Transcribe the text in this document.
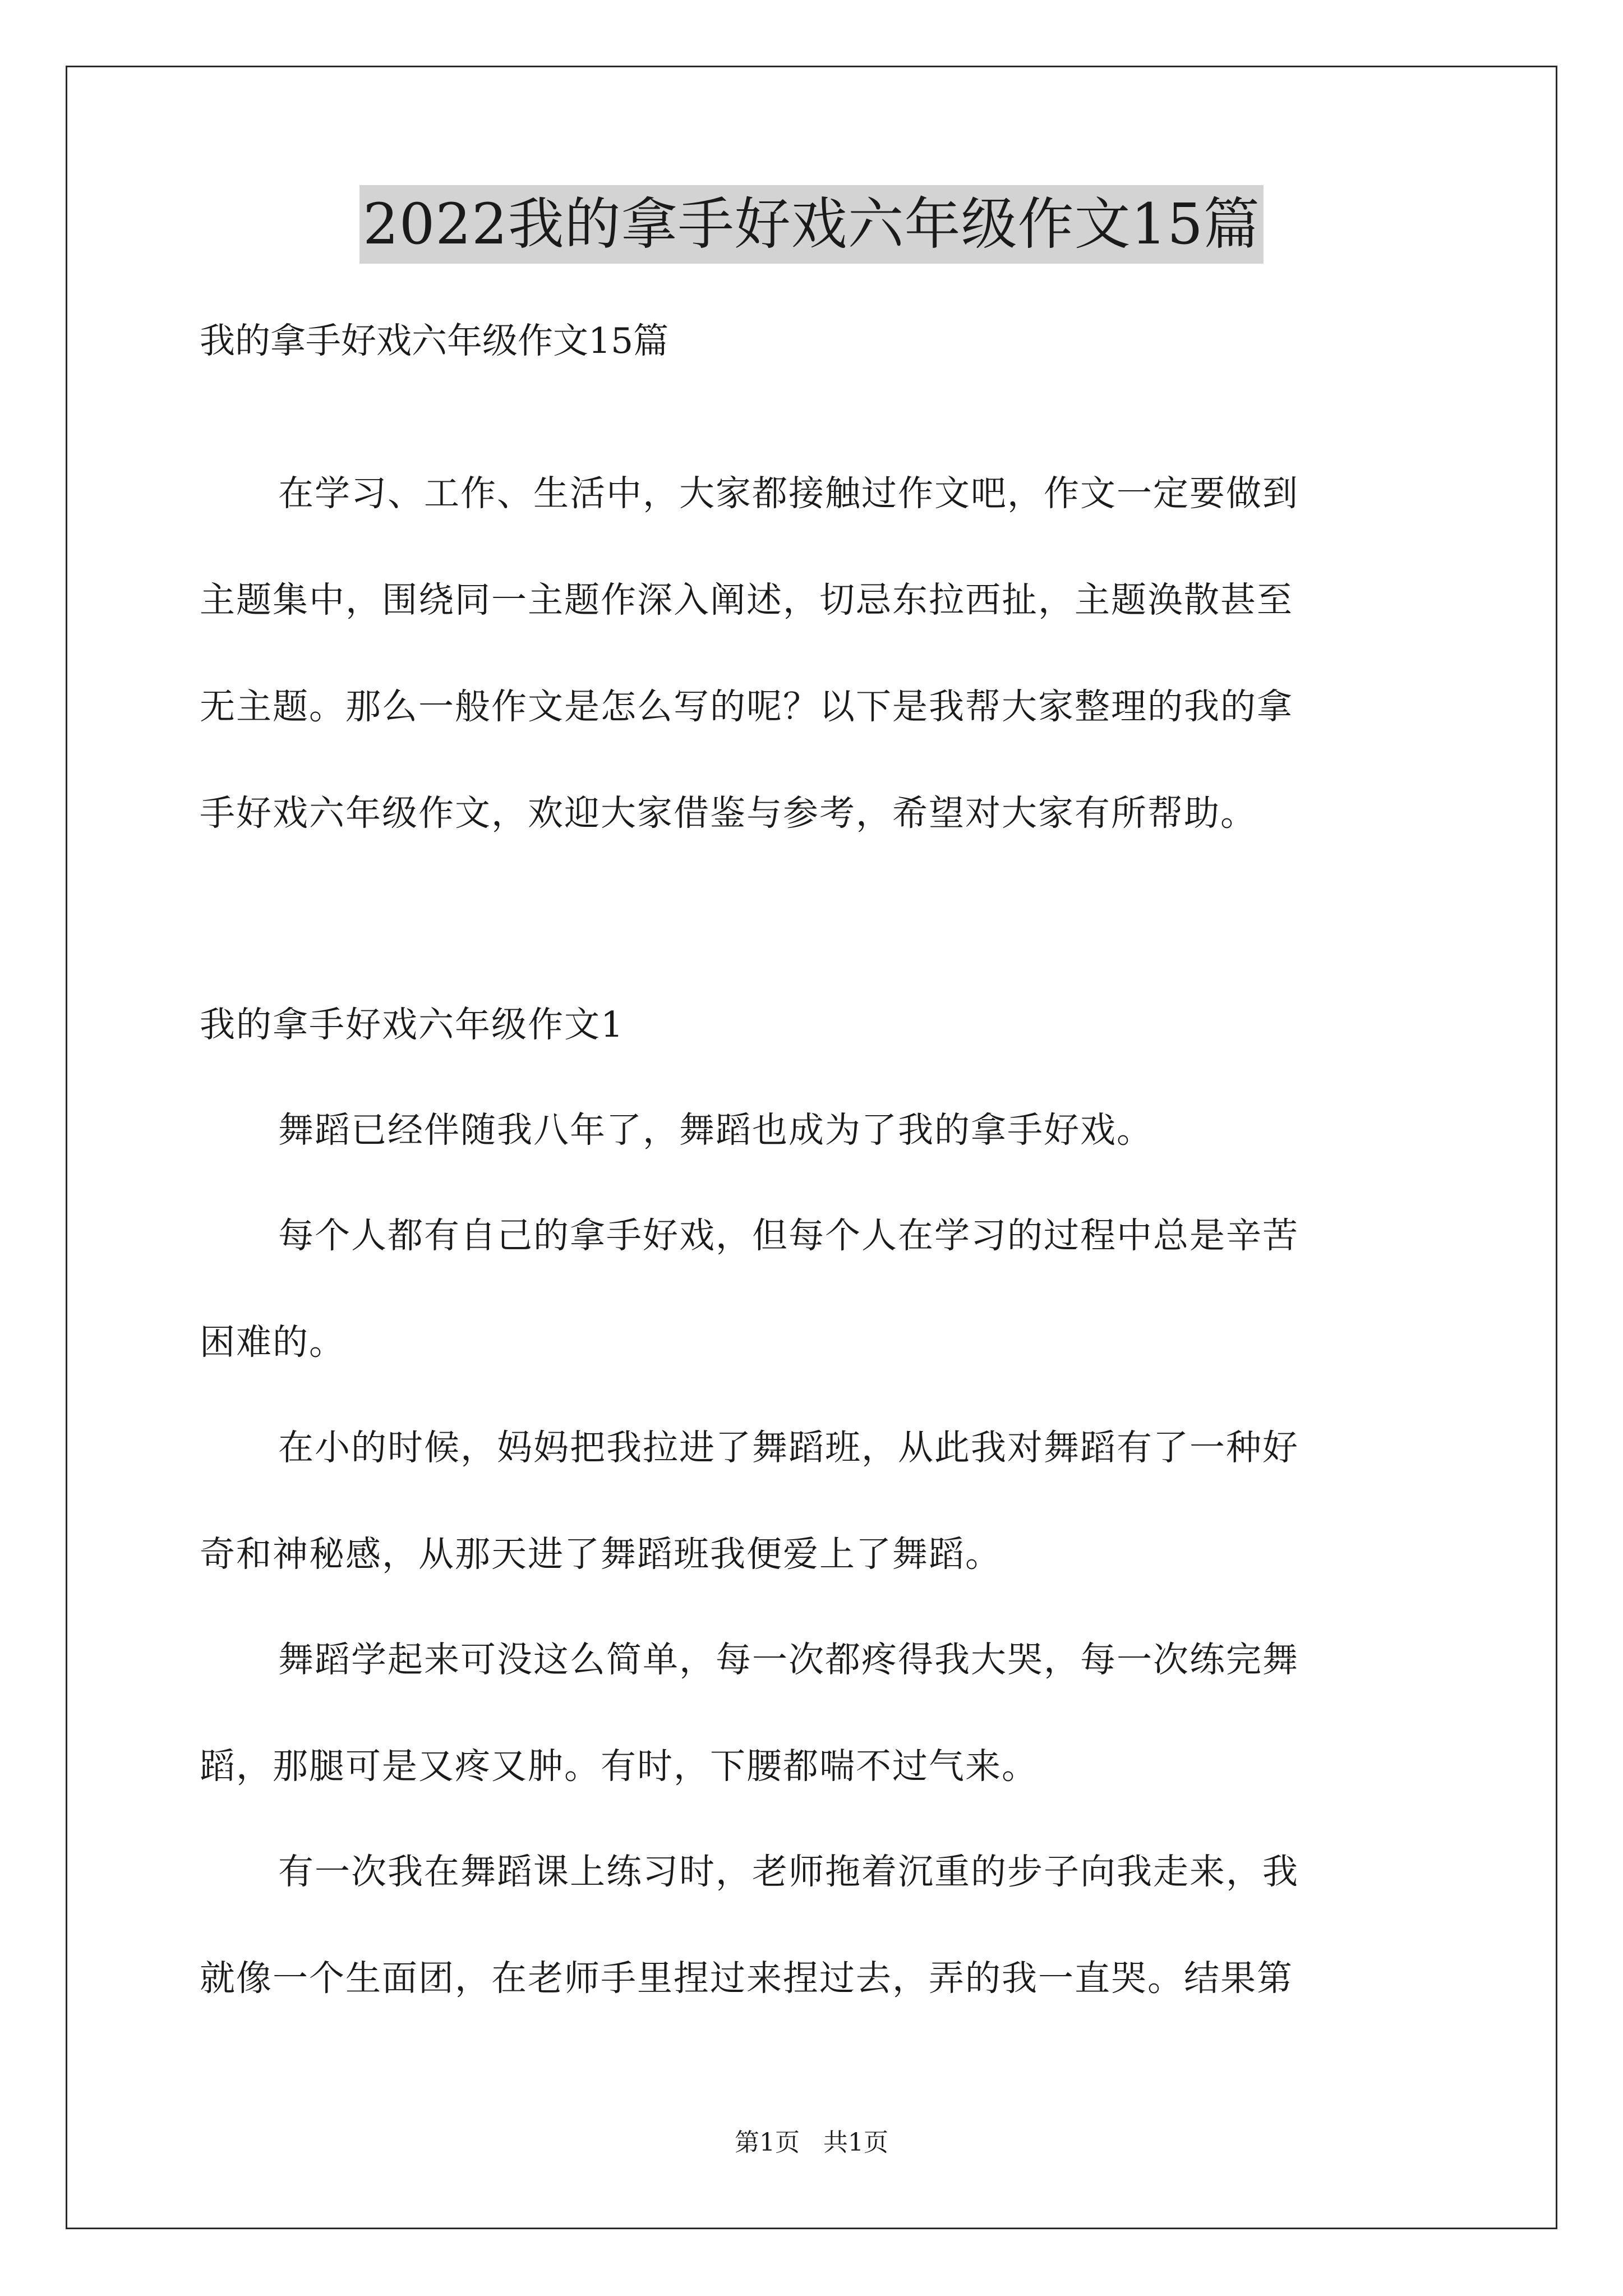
2022我的拿手好戏六年级作文15篇
我的拿手好戏六年级作文15篇
在学习、工作、生活中，大家都接触过作文吧，作文一定要做到
主题集中，围绕同一主题作深入阐述，切忌东拉西扯，主题涣散甚至
无主题。那么一般作文是怎么写的呢？以下是我帮大家整理的我的拿
手好戏六年级作文，欢迎大家借鉴与参考，希望对大家有所帮助。
我的拿手好戏六年级作文1
舞蹈已经伴随我八年了，舞蹈也成为了我的拿手好戏。
每个人都有自己的拿手好戏，但每个人在学习的过程中总是辛苦
困难的。
在小的时候，妈妈把我拉进了舞蹈班，从此我对舞蹈有了一种好
奇和神秘感，从那天进了舞蹈班我便爱上了舞蹈。
舞蹈学起来可没这么简单，每一次都疼得我大哭，每一次练完舞
蹈，那腿可是又疼又肿。有时，下腰都喘不过气来。
有一次我在舞蹈课上练习时，老师拖着沉重的步子向我走来，我
就像一个生面团，在老师手里捏过来捏过去，弄的我一直哭。结果第
第1页   共1页
